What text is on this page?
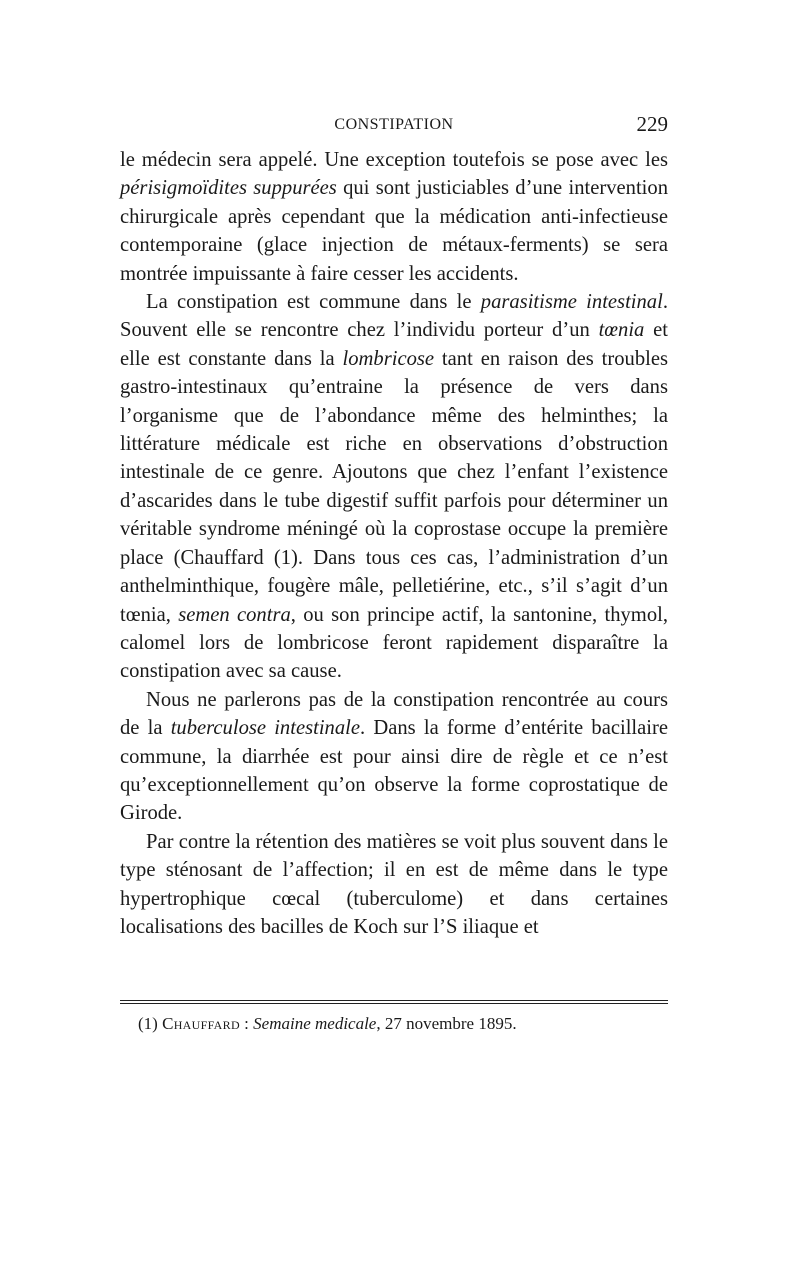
CONSTIPATION	229

le médecin sera appelé. Une exception toutefois se pose avec les périsigmoïdites suppurées qui sont justiciables d’une intervention chirurgicale après cependant que la médication anti-infectieuse contemporaine (glace injection de métaux-ferments) se sera montrée impuissante à faire cesser les accidents.

La constipation est commune dans le parasitisme intestinal. Souvent elle se rencontre chez l’individu porteur d’un tœnia et elle est constante dans la lombricose tant en raison des troubles gastro-intestinaux qu’entraine la présence de vers dans l’organisme que de l’abondance même des helminthes; la littérature médicale est riche en observations d’obstruction intestinale de ce genre. Ajoutons que chez l’enfant l’existence d’ascarides dans le tube digestif suffit parfois pour déterminer un véritable syndrome méningé où la coprostase occupe la première place (Chauffard (1). Dans tous ces cas, l’administration d’un anthelminthique, fougère mâle, pelletiérine, etc., s’il s’agit d’un tœnia, semen contra, ou son principe actif, la santonine, thymol, calomel lors de lombricose feront rapidement disparaître la constipation avec sa cause.

Nous ne parlerons pas de la constipation rencontrée au cours de la tuberculose intestinale. Dans la forme d’entérite bacillaire commune, la diarrhée est pour ainsi dire de règle et ce n’est qu’exceptionnellement qu’on observe la forme coprostatique de Girode.

Par contre la rétention des matières se voit plus souvent dans le type sténosant de l’affection; il en est de même dans le type hypertrophique cœcal (tuberculome) et dans certaines localisations des bacilles de Koch sur l’S iliaque et

(1) Chauffard : Semaine medicale, 27 novembre 1895.
